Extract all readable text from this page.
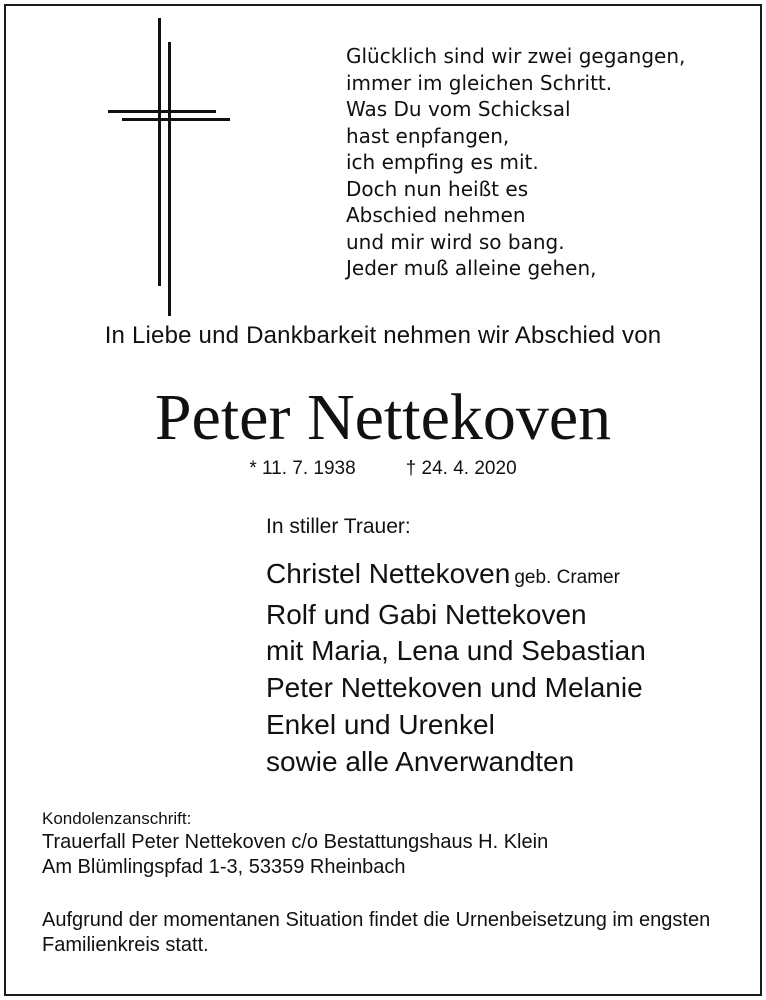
Glücklich sind wir zwei gegangen,
immer im gleichen Schritt.
Was Du vom Schicksal
hast enpfangen,
ich empfing es mit.
Doch nun heißt es
Abschied nehmen
und mir wird so bang.
Jeder muß alleine gehen,
In Liebe und Dankbarkeit nehmen wir Abschied von
Peter Nettekoven
* 11. 7. 1938	† 24. 4. 2020
In stiller Trauer:
Christel Nettekoven geb. Cramer
Rolf und Gabi Nettekoven
mit Maria, Lena und Sebastian
Peter Nettekoven und Melanie
Enkel und Urenkel
sowie alle Anverwandten
Kondolenzanschrift:
Trauerfall Peter Nettekoven c/o Bestattungshaus H. Klein
Am Blümlingspfad 1-3, 53359 Rheinbach
Aufgrund der momentanen Situation findet die Urnenbeisetzung im engsten Familienkreis statt.
